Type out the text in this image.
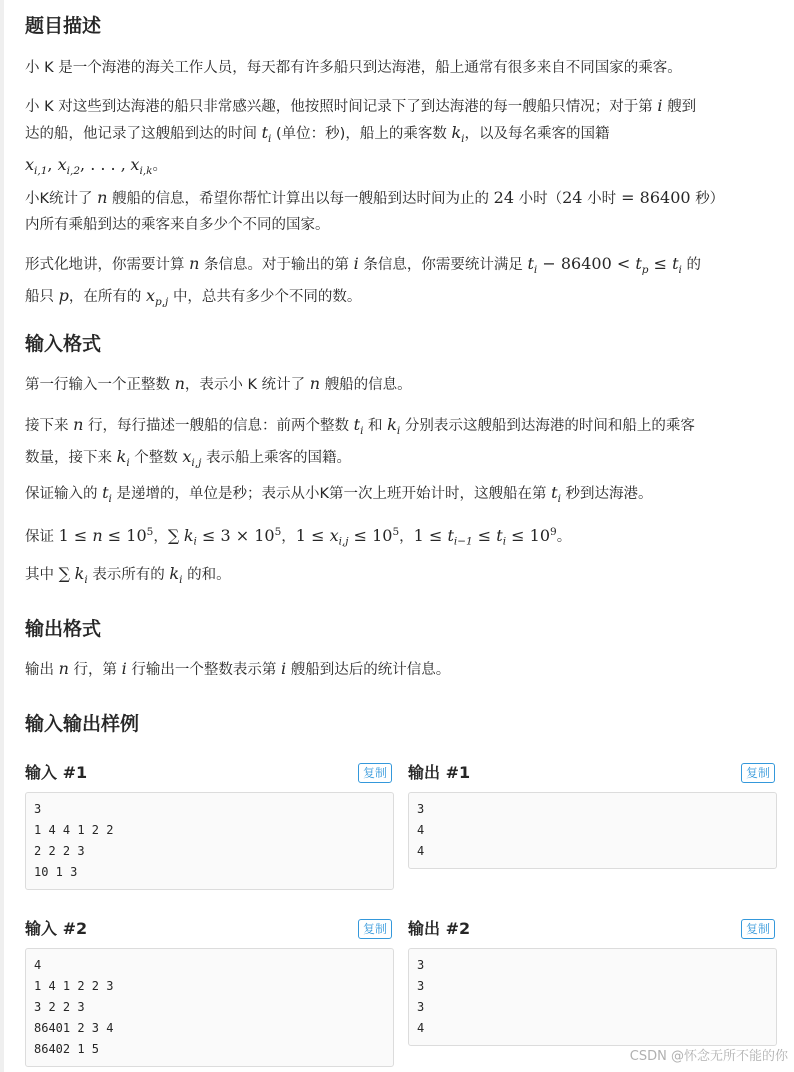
题目描述

小 K 是一个海港的海关工作人员，每天都有许多船只到达海港，船上通常有很多来自不同国家的乘客。

小 K 对这些到达海港的船只非常感兴趣，他按照时间记录下了到达海港的每一艘船只情况；对于第 i 艘到
达的船，他记录了这艘船到达的时间 $t_i$ (单位：秒)，船上的乘客数 $k_i$，以及每名乘客的国籍
$x_{i,1}$, $x_{i,2}$, . . . , $x_{i,k}$。

小K统计了 n 艘船的信息，希望你帮忙计算出以每一艘船到达时间为止的 24 小时（24 小时 = 86400 秒）
内所有乘船到达的乘客来自多少个不同的国家。

形式化地讲，你需要计算 n 条信息。对于输出的第 i 条信息，你需要统计满足 $t_i - 86400 < t_p \le t_i$ 的
船只 p，在所有的 $x_{p,j}$ 中，总共有多少个不同的数。

输入格式

第一行输入一个正整数 n，表示小 K 统计了 n 艘船的信息。

接下来 n 行，每行描述一艘船的信息：前两个整数 $t_i$ 和 $k_i$ 分别表示这艘船到达海港的时间和船上的乘客
数量，接下来 $k_i$ 个整数 $x_{i,j}$ 表示船上乘客的国籍。

保证输入的 $t_i$ 是递增的，单位是秒；表示从小K第一次上班开始计时，这艘船在第 $t_i$ 秒到达海港。

保证 $1 \le n \le 10^5$，∑ $k_i \le 3 \times 10^5$，$1 \le x_{i,j} \le 10^5$，$1 \le t_{i-1} \le t_i \le 10^9$。

其中 ∑ $k_i$ 表示所有的 $k_i$ 的和。

输出格式

输出 n 行，第 i 行输出一个整数表示第 i 艘船到达后的统计信息。

输入输出样例
输入 #1	复制	输出 #1	复制
3
1 4 4 1 2 2
2 2 2 3
10 1 3
3
4
4
输入 #2	复制	输出 #2	复制
4
1 4 1 2 2 3
3 2 2 3
86401 2 3 4
86402 1 5
3
3
3
4
CSDN @怀念无所不能的你
